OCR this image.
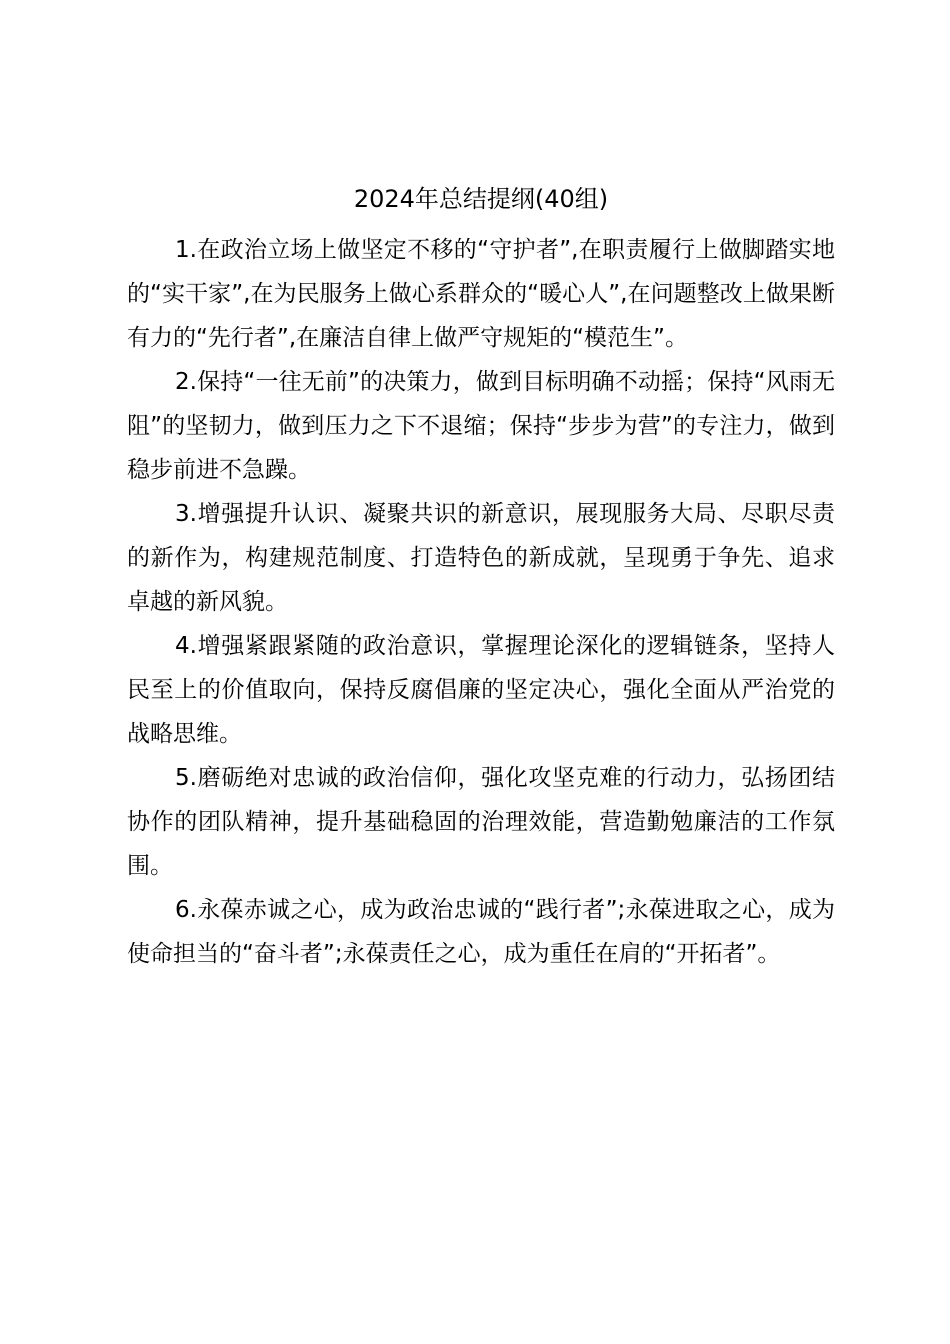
2024年总结提纲(40组)

1.在政治立场上做坚定不移的“守护者”,在职责履行上做脚踏实地的“实干家”,在为民服务上做心系群众的“暖心人”,在问题整改上做果断有力的“先行者”,在廉洁自律上做严守规矩的“模范生”。

2.保持“一往无前”的决策力，做到目标明确不动摇；保持“风雨无阻”的坚韧力，做到压力之下不退缩；保持“步步为营”的专注力，做到稳步前进不急躁。

3.增强提升认识、凝聚共识的新意识，展现服务大局、尽职尽责的新作为，构建规范制度、打造特色的新成就，呈现勇于争先、追求卓越的新风貌。

4.增强紧跟紧随的政治意识，掌握理论深化的逻辑链条，坚持人民至上的价值取向，保持反腐倡廉的坚定决心，强化全面从严治党的战略思维。

5.磨砺绝对忠诚的政治信仰，强化攻坚克难的行动力，弘扬团结协作的团队精神，提升基础稳固的治理效能，营造勤勉廉洁的工作氛围。

6.永葆赤诚之心，成为政治忠诚的“践行者”;永葆进取之心，成为使命担当的“奋斗者”;永葆责任之心，成为重任在肩的“开拓者”。
